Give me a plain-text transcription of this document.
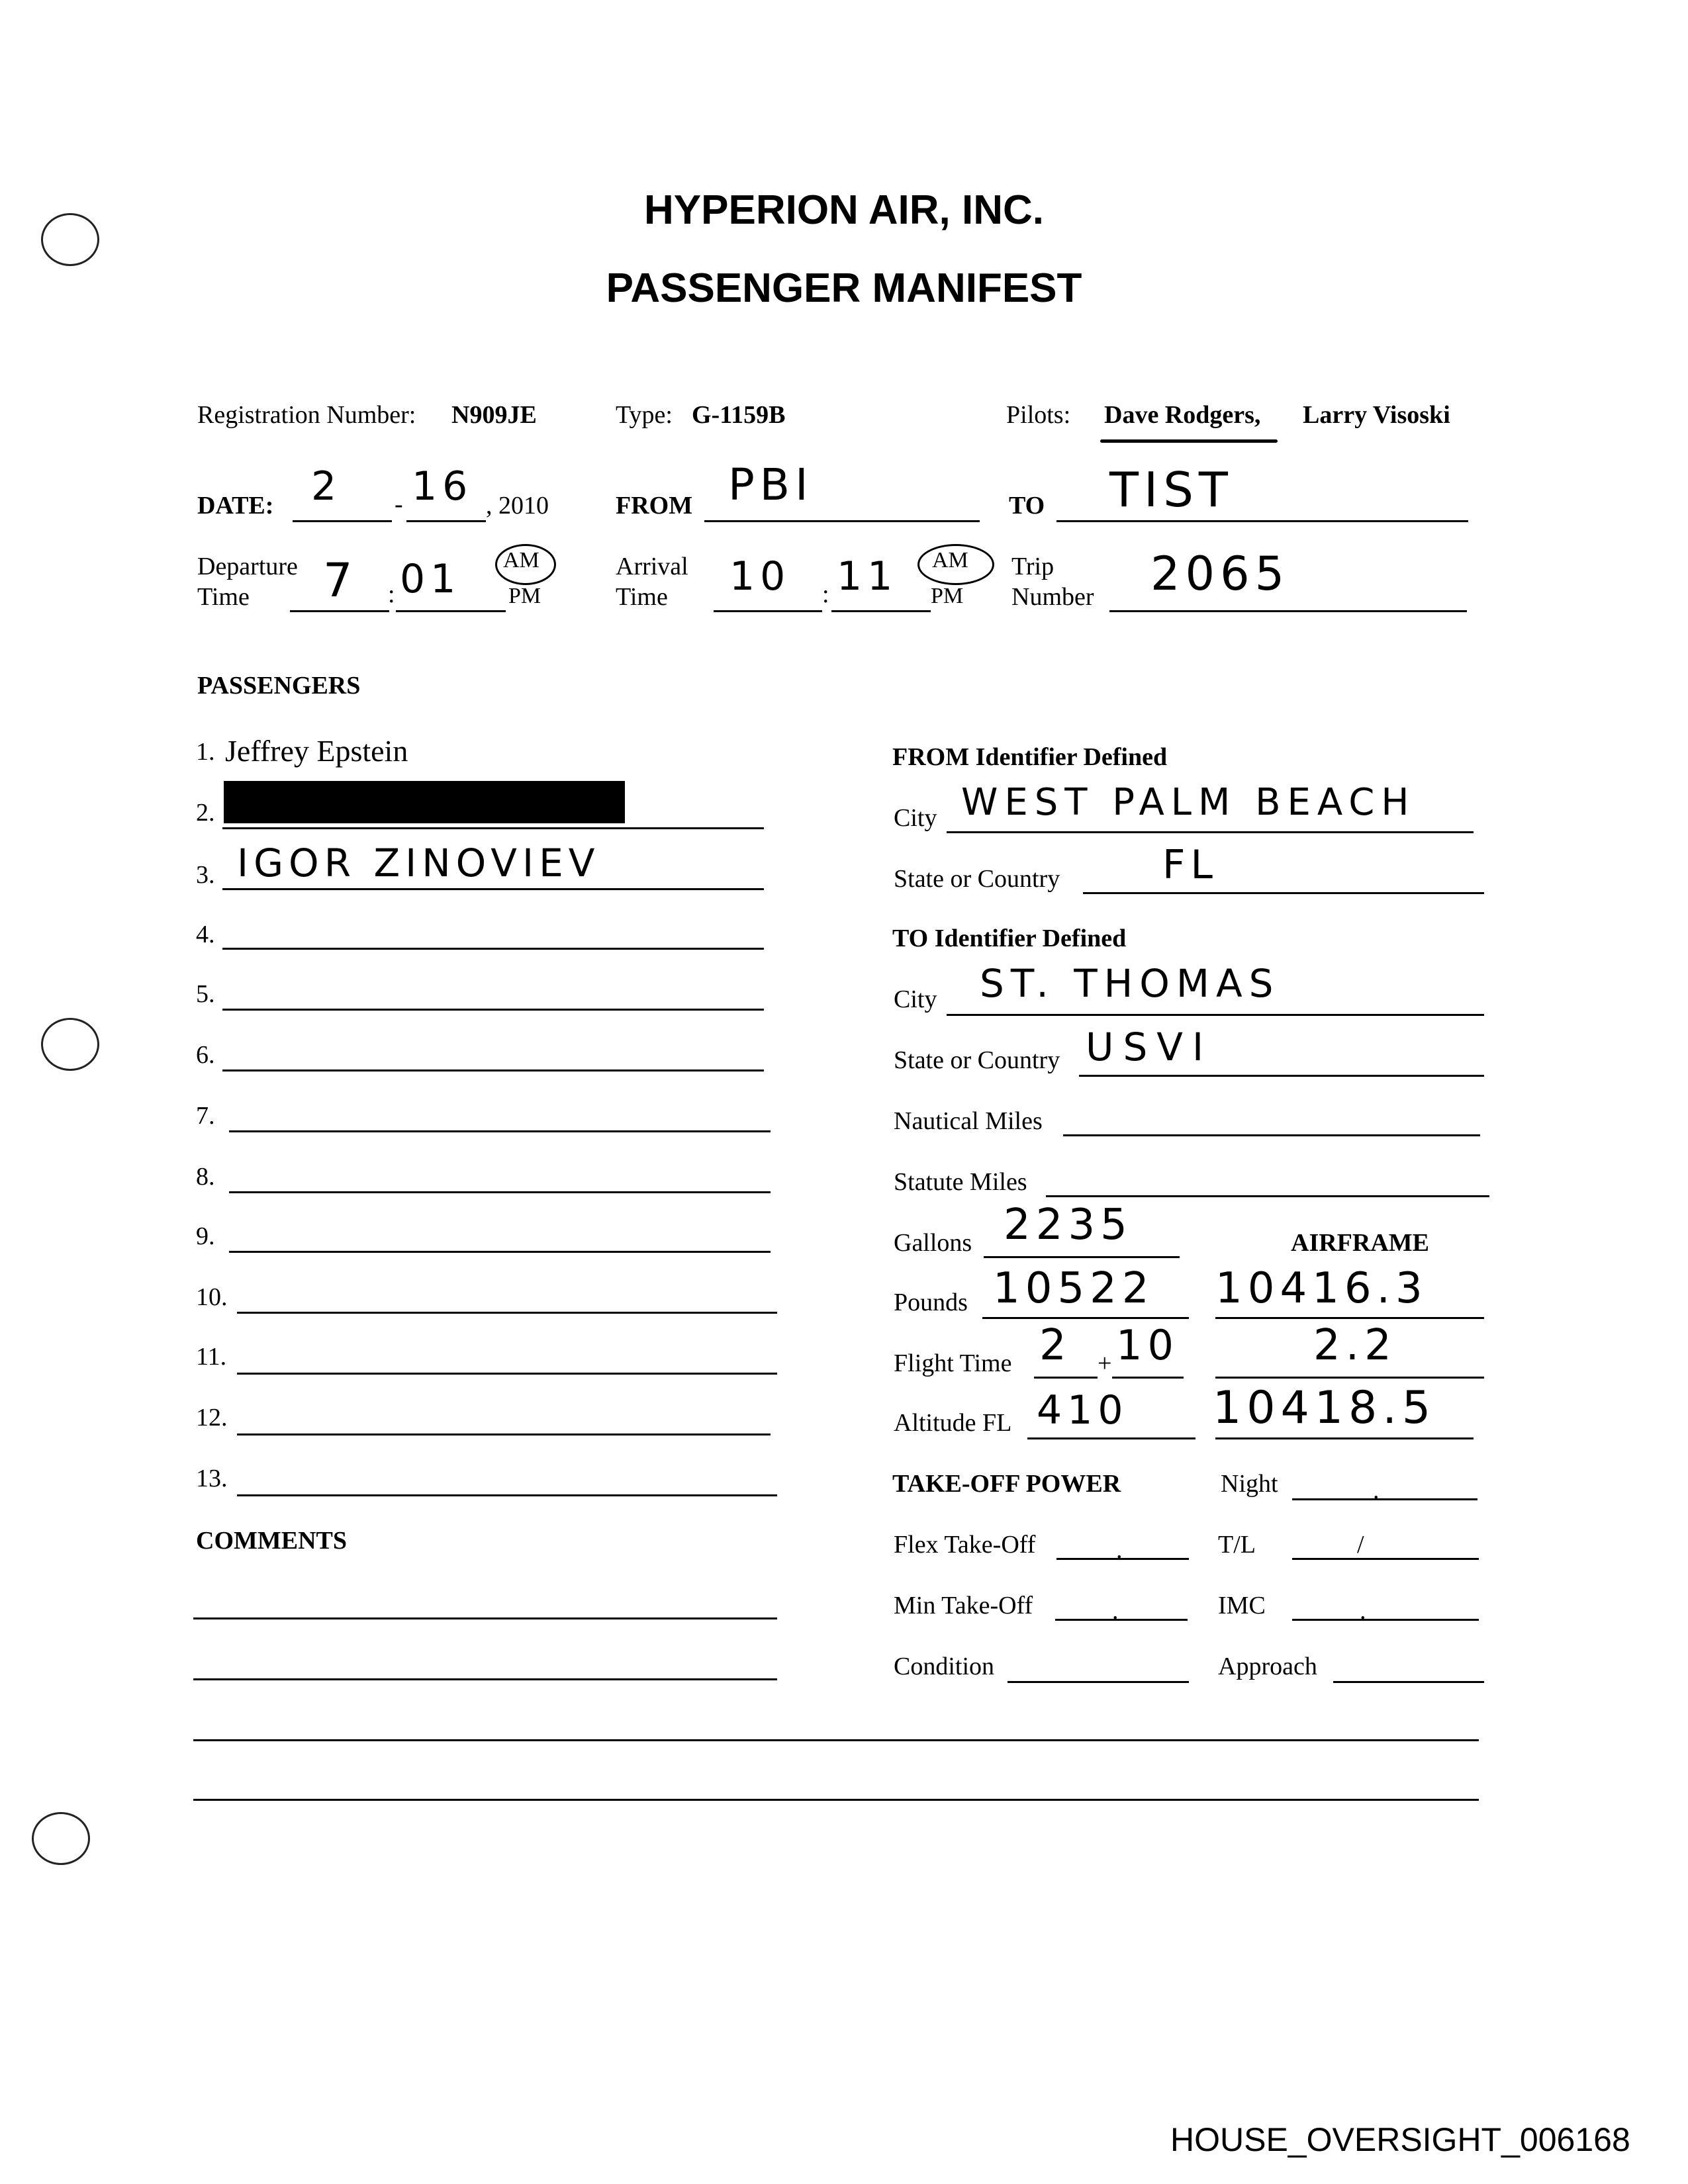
HYPERION AIR, INC.
PASSENGER MANIFEST
Registration Number: N909JE	Type: G-1159B	Pilots: Dave Rodgers, Larry Visoski
DATE: 2 - 16 , 2010	FROM PBI	TO TIST
Departure
Time 7 : 01 AM
PM
Arrival
Time 10 : 11 AM
PM
Trip
Number 2065
PASSENGERS
1. Jeffrey Epstein
2.
3. IGOR ZINOVIEV
4.
5.
6.
7.
8.
9.
10.
11.
12.
13.
COMMENTS
FROM Identifier Defined
City WEST PALM BEACH
State or Country	FL
TO Identifier Defined
City ST. THOMAS
State or Country USVI
Nautical Miles
Statute Miles
Gallons 2235	AIRFRAME
Pounds 10522 10416.3
Flight Time 2 + 10	2.2
Altitude FL 410 10418.5
TAKE-OFF POWER	Night	.
Flex Take-Off	.	T/L	/
Min Take-Off	.	IMC	.
Condition	Approach
HOUSE_OVERSIGHT_006168
